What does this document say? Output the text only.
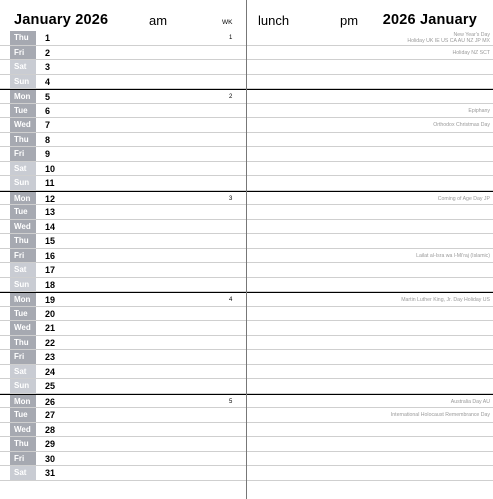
January 2026	am	WK lunch	pm 2026 January
Thu	1	1	New Year's Day
Holiday UK IE US CA AU NZ JP MX
Fri	2	Holiday NZ SCT
Sat	3
Sun	4
Mon	5	2
Tue	6	Epiphany
Wed	7	Orthodox Christmas Day
Thu	8
Fri	9
Sat	10
Sun	11
Mon	12	3	Coming of Age Day JP
Tue	13
Wed	14
Thu	15
Fri	16	Lailat al-Isra wa l-Mi'raj (Islamic)
Sat	17
Sun	18
Mon	19	4	Martin Luther King, Jr. Day Holiday US
Tue	20
Wed	21
Thu	22
Fri	23
Sat	24
Sun	25
Mon	26	5	Australia Day AU
Tue	27	International Holocaust Remembrance Day
Wed	28
Thu	29
Fri	30
Sat	31
